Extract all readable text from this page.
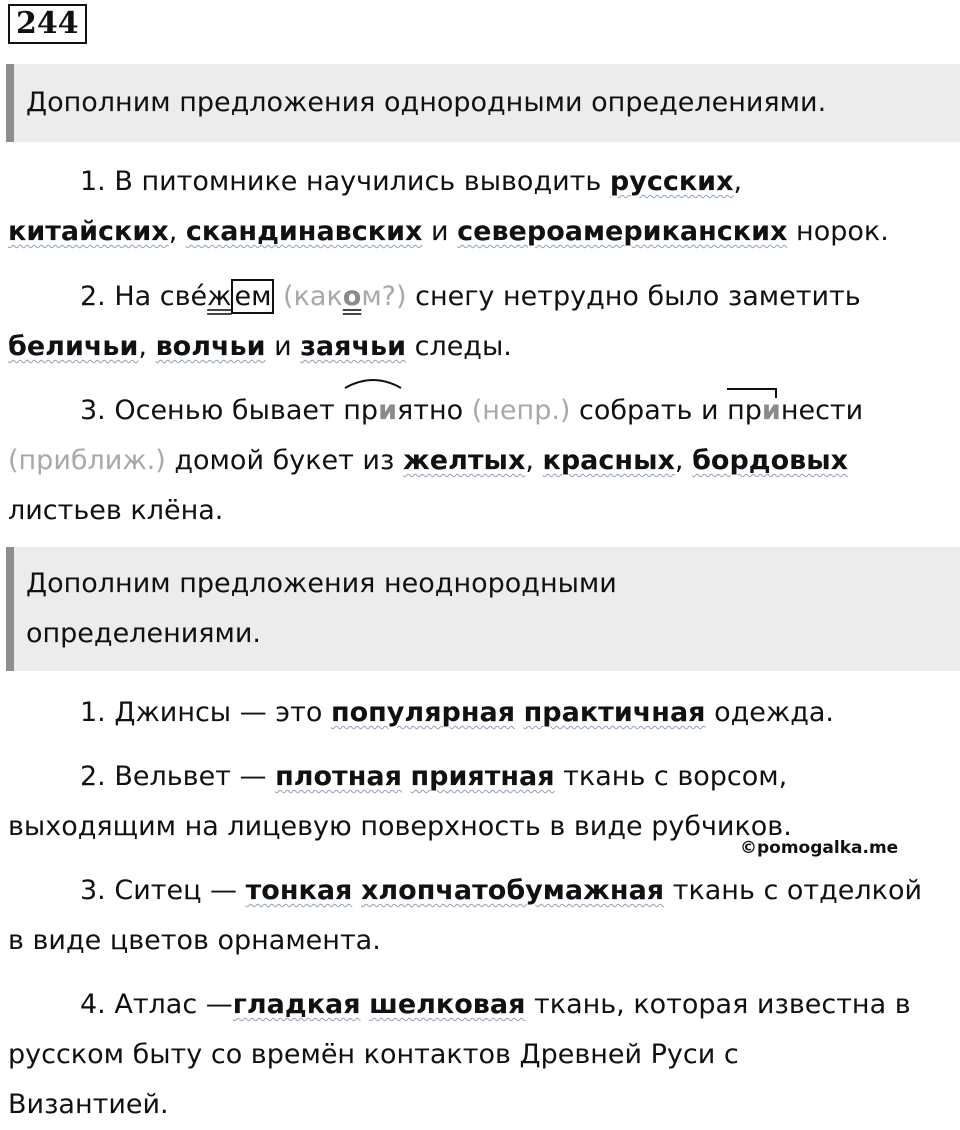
244
Дополним предложения однородными определениями.

1. В питомнике научились выводить русских,
китайских, скандинавских и североамериканских норок.

2. На свеж ем (каком?) снегу нетрудно было заметить
беличьи, волчьи и заячьи следы.

3. Осенью бывает
приятно (непр.) собрать и принести
(приближ.) домой букет из желтых, красных, бордовых
листьев клёна.

Дополним предложения неоднородными
определениями.

1. Джинсы — это популярная практичная одежда.

2. Вельвет — плотная приятная ткань с ворсом,
выходящим на лицевую поверхность в виде рубчиков.

©pomogalka.me

3. Ситец — тонкая хлопчатобумажная ткань с отделкой
в виде цветов орнамента.

4. Атлас —гладкая шелковая ткань, которая известна в
русском быту со времён контактов Древней Руси с
Византией.
